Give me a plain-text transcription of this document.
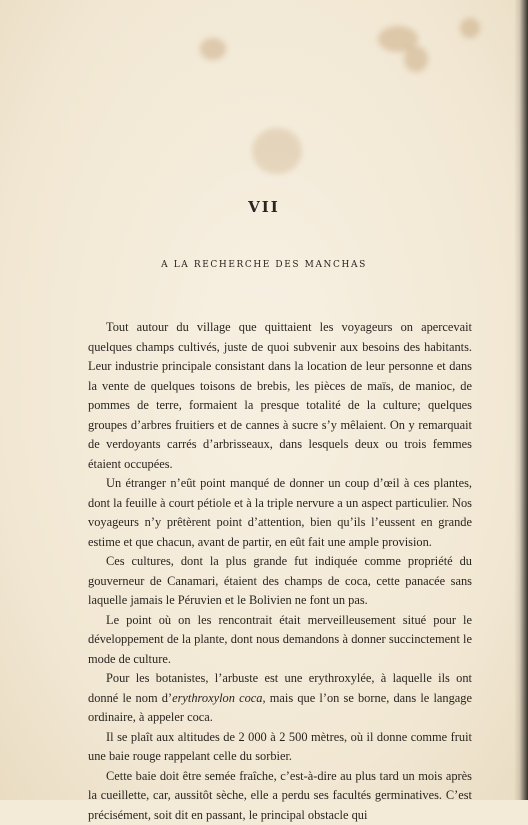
VII
A LA RECHERCHE DES MANCHAS

Tout autour du village que quittaient les voyageurs on apercevait quelques champs cultivés, juste de quoi subvenir aux besoins des habitants. Leur industrie principale consistant dans la location de leur personne et dans la vente de quelques toisons de brebis, les pièces de maïs, de manioc, de pommes de terre, formaient la presque totalité de la culture; quelques groupes d’arbres fruitiers et de cannes à sucre s’y mêlaient. On y remarquait de verdoyants carrés d’arbrisseaux, dans lesquels deux ou trois femmes étaient occupées.

Un étranger n’eût point manqué de donner un coup d’œil à ces plantes, dont la feuille à court pétiole et à la triple nervure a un aspect particulier. Nos voyageurs n’y prêtèrent point d’attention, bien qu’ils l’eussent en grande estime et que chacun, avant de partir, en eût fait une ample provision.

Ces cultures, dont la plus grande fut indiquée comme propriété du gouverneur de Canamari, étaient des champs de coca, cette panacée sans laquelle jamais le Péruvien et le Bolivien ne font un pas.

Le point où on les rencontrait était merveilleusement situé pour le développement de la plante, dont nous demandons à donner succinctement le mode de culture.

Pour les botanistes, l’arbuste est une erythroxylée, à laquelle ils ont donné le nom d’erythroxylon coca, mais que l’on se borne, dans le langage ordinaire, à appeler coca.

Il se plaît aux altitudes de 2 000 à 2 500 mètres, où il donne comme fruit une baie rouge rappelant celle du sorbier.

Cette baie doit être semée fraîche, c’est-à-dire au plus tard un mois après la cueillette, car, aussitôt sèche, elle a perdu ses facultés germinatives. C’est précisément, soit dit en passant, le principal obstacle qui
